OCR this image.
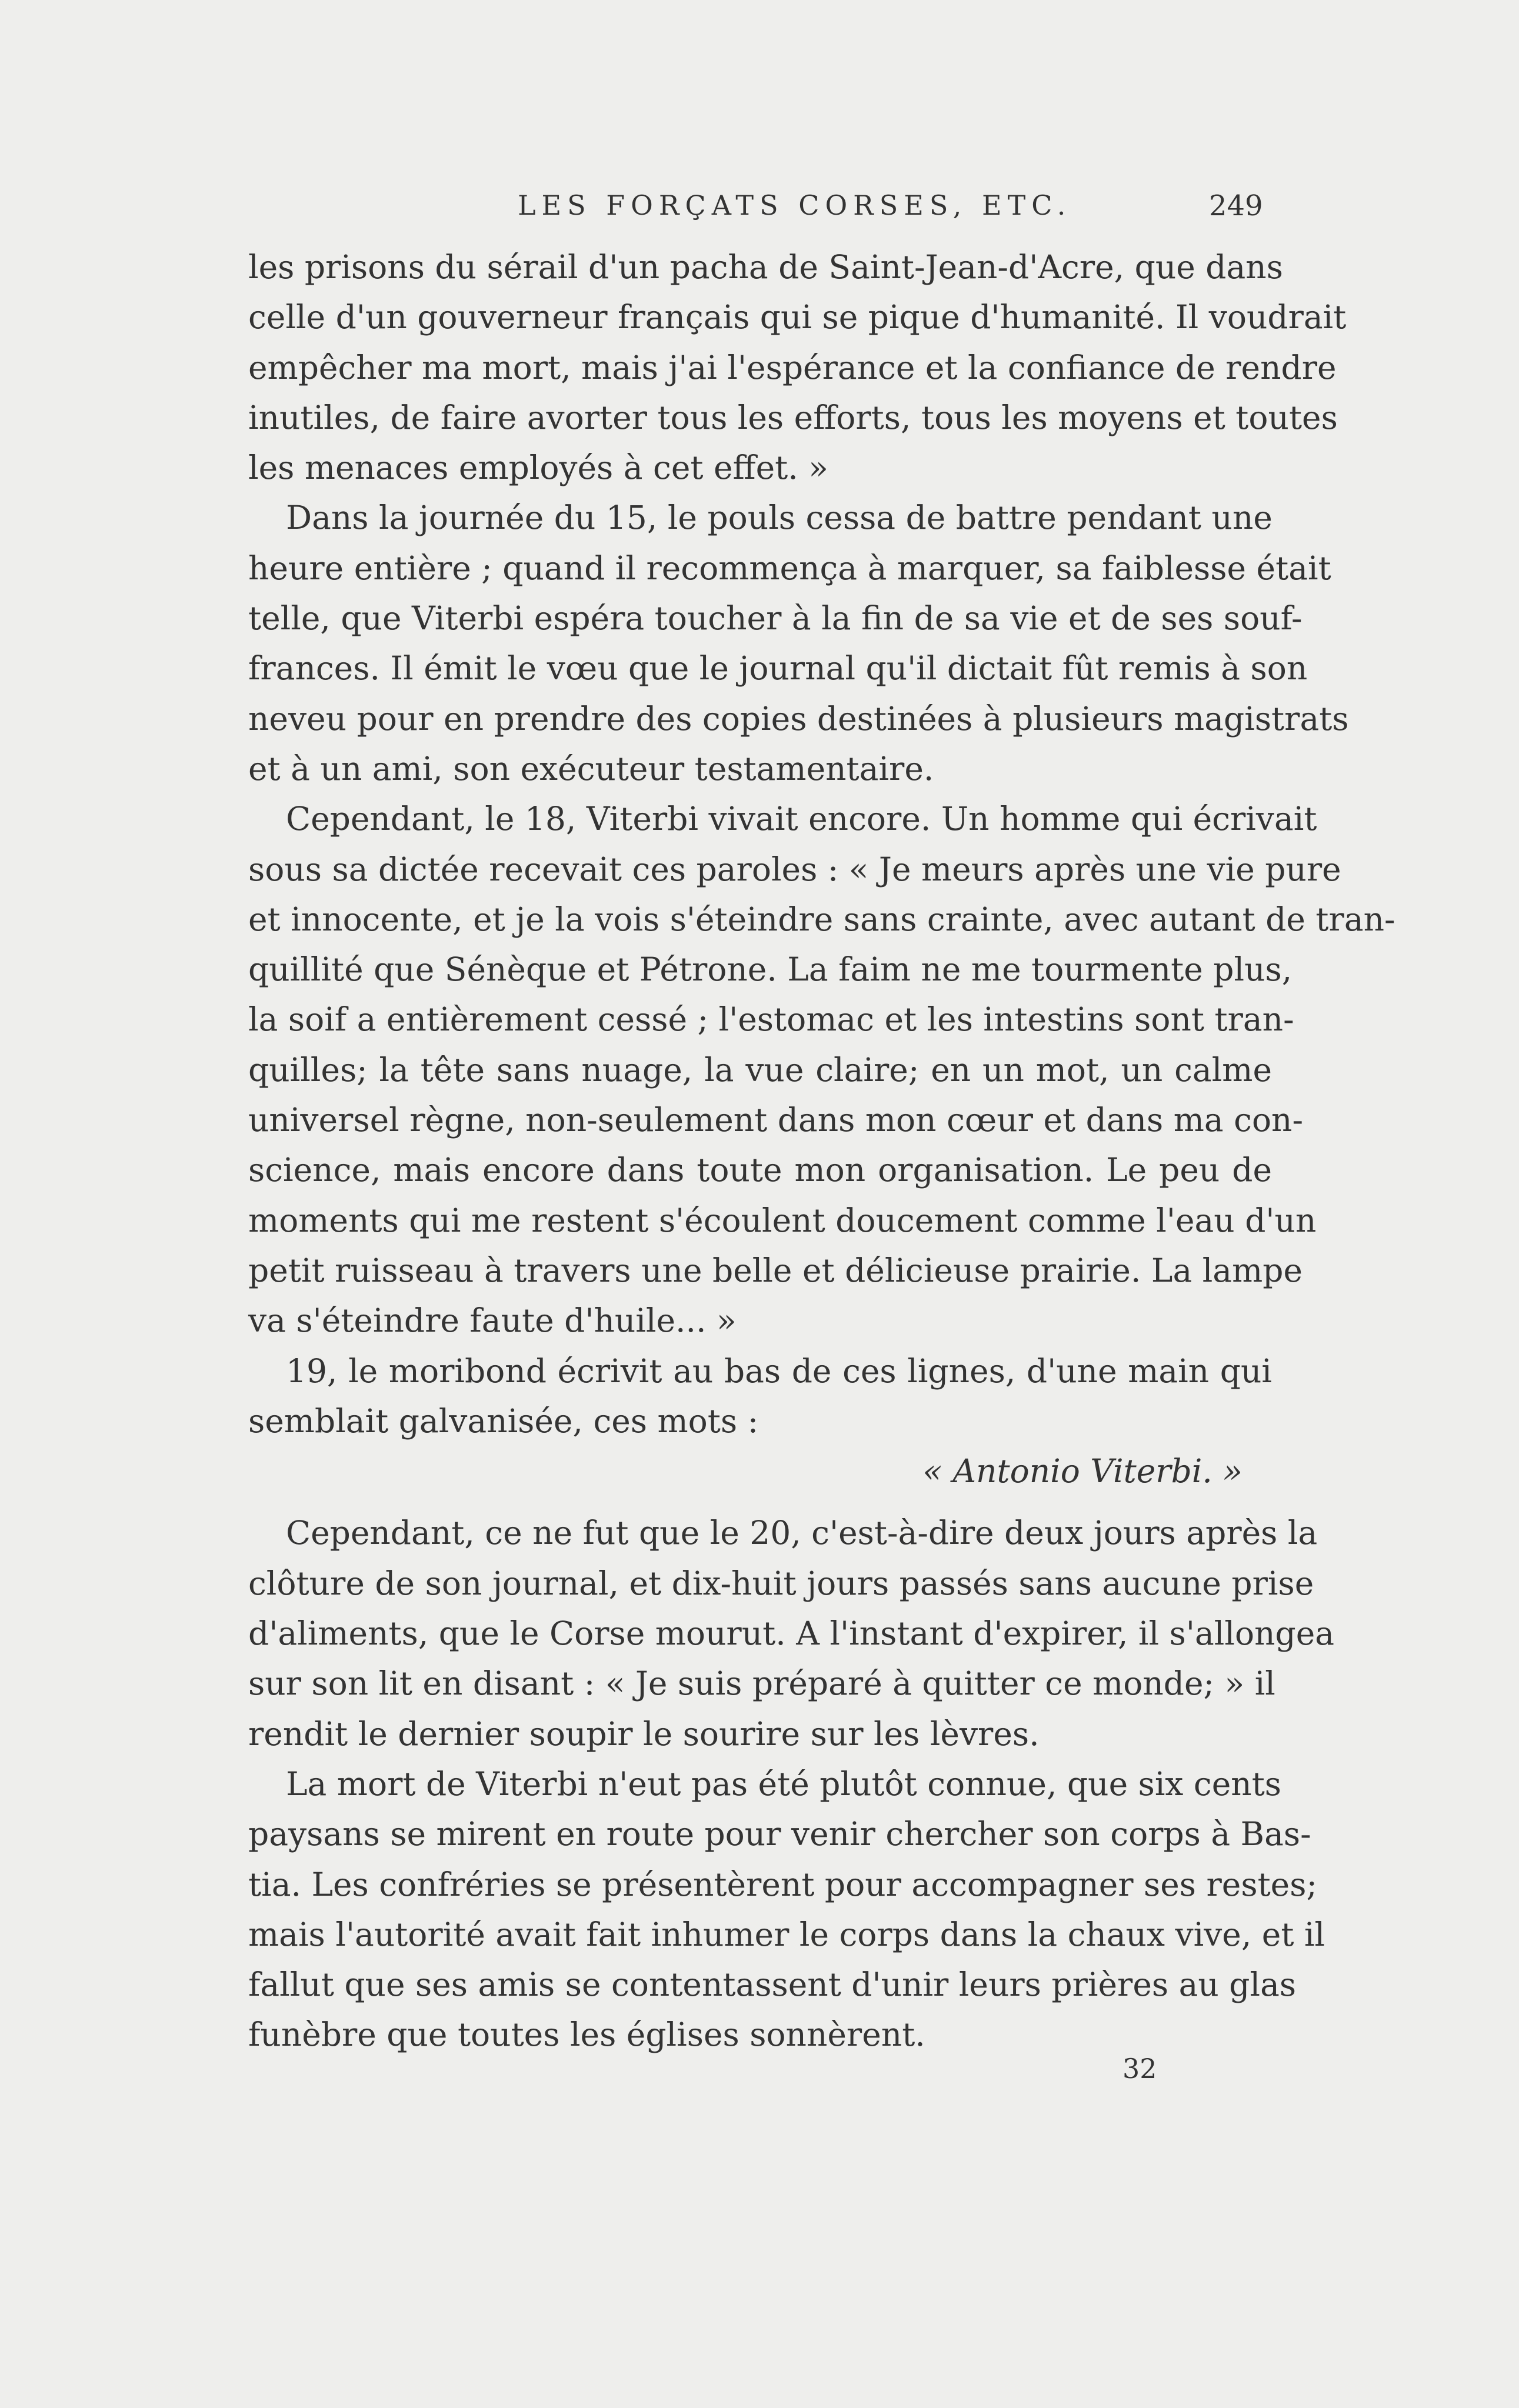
LES FORÇATS CORSES, ETC.	249
les prisons du sérail d'un pacha de Saint-Jean-d'Acre, que dans
celle d'un gouverneur français qui se pique d'humanité. Il voudrait
empêcher ma mort, mais j'ai l'espérance et la confiance de rendre
inutiles, de faire avorter tous les efforts, tous les moyens et toutes
les menaces employés à cet effet. »
Dans la journée du 15, le pouls cessa de battre pendant une
heure entière ; quand il recommença à marquer, sa faiblesse était
telle, que Viterbi espéra toucher à la fin de sa vie et de ses souf-
frances. Il émit le vœu que le journal qu'il dictait fût remis à son
neveu pour en prendre des copies destinées à plusieurs magistrats
et à un ami, son exécuteur testamentaire.
Cependant, le 18, Viterbi vivait encore. Un homme qui écrivait
sous sa dictée recevait ces paroles : « Je meurs après une vie pure
et innocente, et je la vois s'éteindre sans crainte, avec autant de tran-
quillité que Sénèque et Pétrone. La faim ne me tourmente plus,
la soif a entièrement cessé ; l'estomac et les intestins sont tran-
quilles; la tête sans nuage, la vue claire; en un mot, un calme
universel règne, non-seulement dans mon cœur et dans ma con-
science, mais encore dans toute mon organisation. Le peu de
moments qui me restent s'écoulent doucement comme l'eau d'un
petit ruisseau à travers une belle et délicieuse prairie. La lampe
va s'éteindre faute d'huile... »
19, le moribond écrivit au bas de ces lignes, d'une main qui
semblait galvanisée, ces mots :
« Antonio Viterbi. »
Cependant, ce ne fut que le 20, c'est-à-dire deux jours après la
clôture de son journal, et dix-huit jours passés sans aucune prise
d'aliments, que le Corse mourut. A l'instant d'expirer, il s'allongea
sur son lit en disant : « Je suis préparé à quitter ce monde; » il
rendit le dernier soupir le sourire sur les lèvres.
La mort de Viterbi n'eut pas été plutôt connue, que six cents
paysans se mirent en route pour venir chercher son corps à Bas-
tia. Les confréries se présentèrent pour accompagner ses restes;
mais l'autorité avait fait inhumer le corps dans la chaux vive, et il
fallut que ses amis se contentassent d'unir leurs prières au glas
funèbre que toutes les églises sonnèrent.
32
